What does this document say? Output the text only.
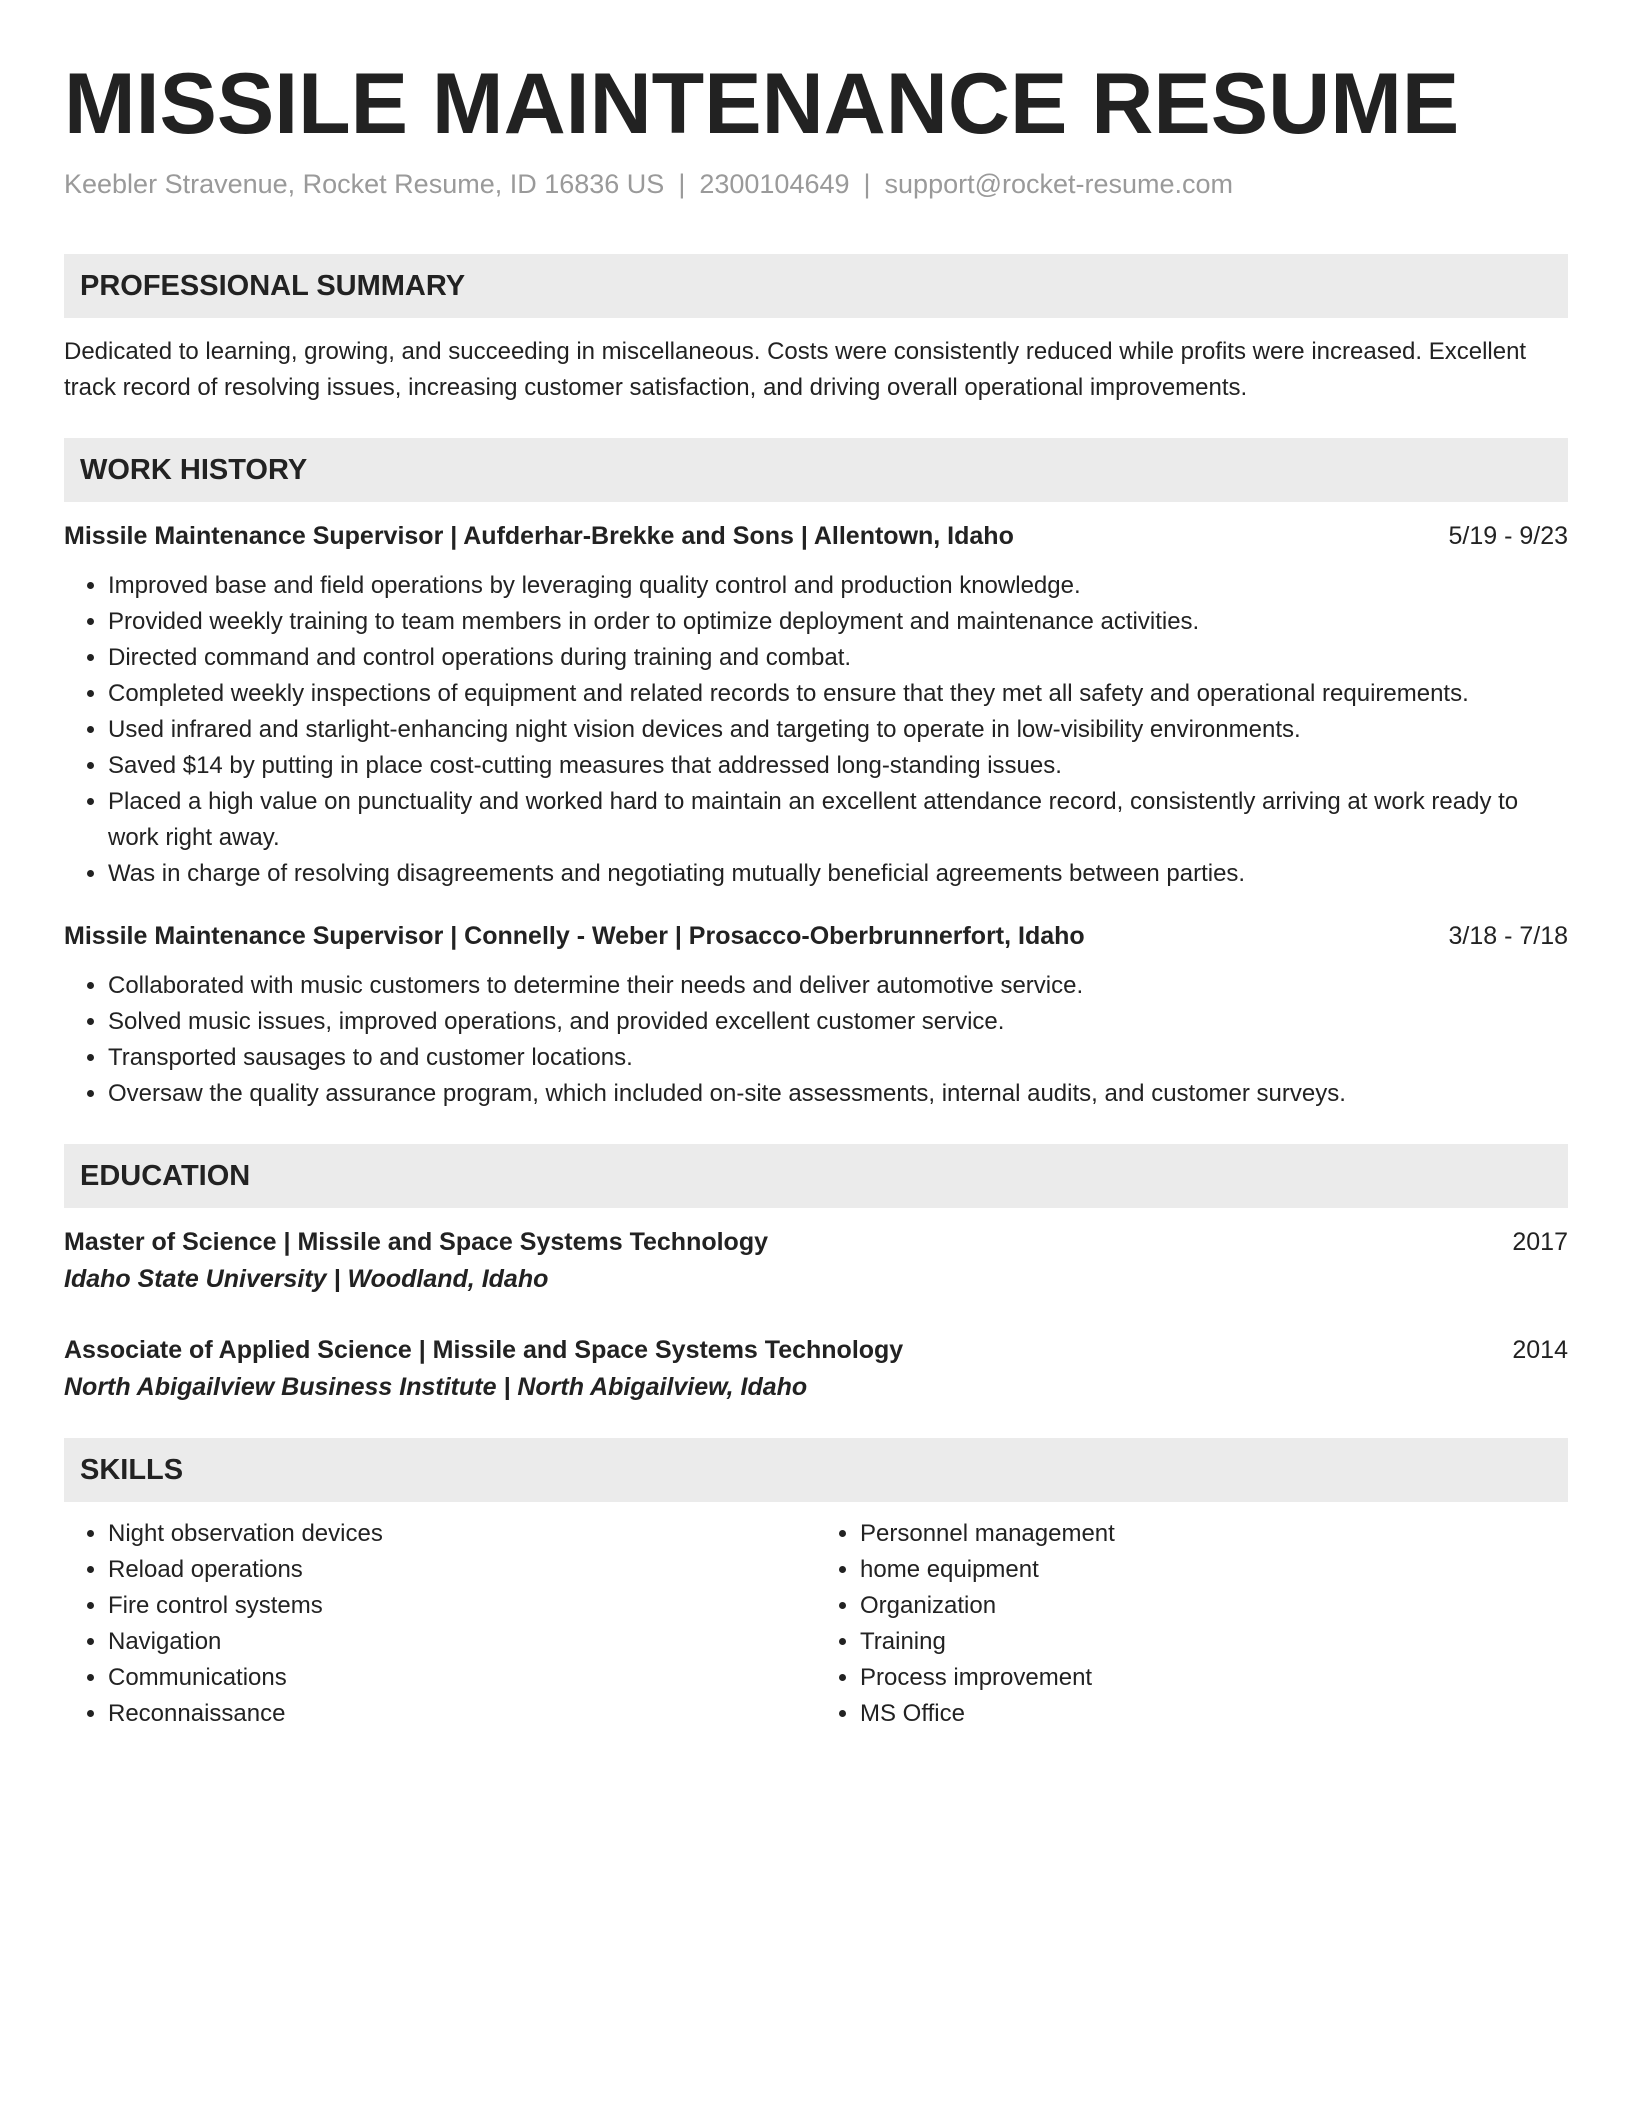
MISSILE MAINTENANCE RESUME
Keebler Stravenue, Rocket Resume, ID 16836 US | 2300104649 | support@rocket-resume.com
PROFESSIONAL SUMMARY
Dedicated to learning, growing, and succeeding in miscellaneous. Costs were consistently reduced while profits were increased. Excellent track record of resolving issues, increasing customer satisfaction, and driving overall operational improvements.
WORK HISTORY
Missile Maintenance Supervisor | Aufderhar-Brekke and Sons | Allentown, Idaho	5/19 - 9/23
• Improved base and field operations by leveraging quality control and production knowledge.
• Provided weekly training to team members in order to optimize deployment and maintenance activities.
• Directed command and control operations during training and combat.
• Completed weekly inspections of equipment and related records to ensure that they met all safety and operational requirements.
• Used infrared and starlight-enhancing night vision devices and targeting to operate in low-visibility environments.
• Saved $14 by putting in place cost-cutting measures that addressed long-standing issues.
• Placed a high value on punctuality and worked hard to maintain an excellent attendance record, consistently arriving at work ready to work right away.
• Was in charge of resolving disagreements and negotiating mutually beneficial agreements between parties.
Missile Maintenance Supervisor | Connelly - Weber | Prosacco-Oberbrunnerfort, Idaho	3/18 - 7/18
• Collaborated with music customers to determine their needs and deliver automotive service.
• Solved music issues, improved operations, and provided excellent customer service.
• Transported sausages to and customer locations.
• Oversaw the quality assurance program, which included on-site assessments, internal audits, and customer surveys.
EDUCATION
Master of Science | Missile and Space Systems Technology	2017
Idaho State University | Woodland, Idaho
Associate of Applied Science | Missile and Space Systems Technology	2014
North Abigailview Business Institute | North Abigailview, Idaho
SKILLS
• Night observation devices
• Reload operations
• Fire control systems
• Navigation
• Communications
• Reconnaissance
• Personnel management
• home equipment
• Organization
• Training
• Process improvement
• MS Office
